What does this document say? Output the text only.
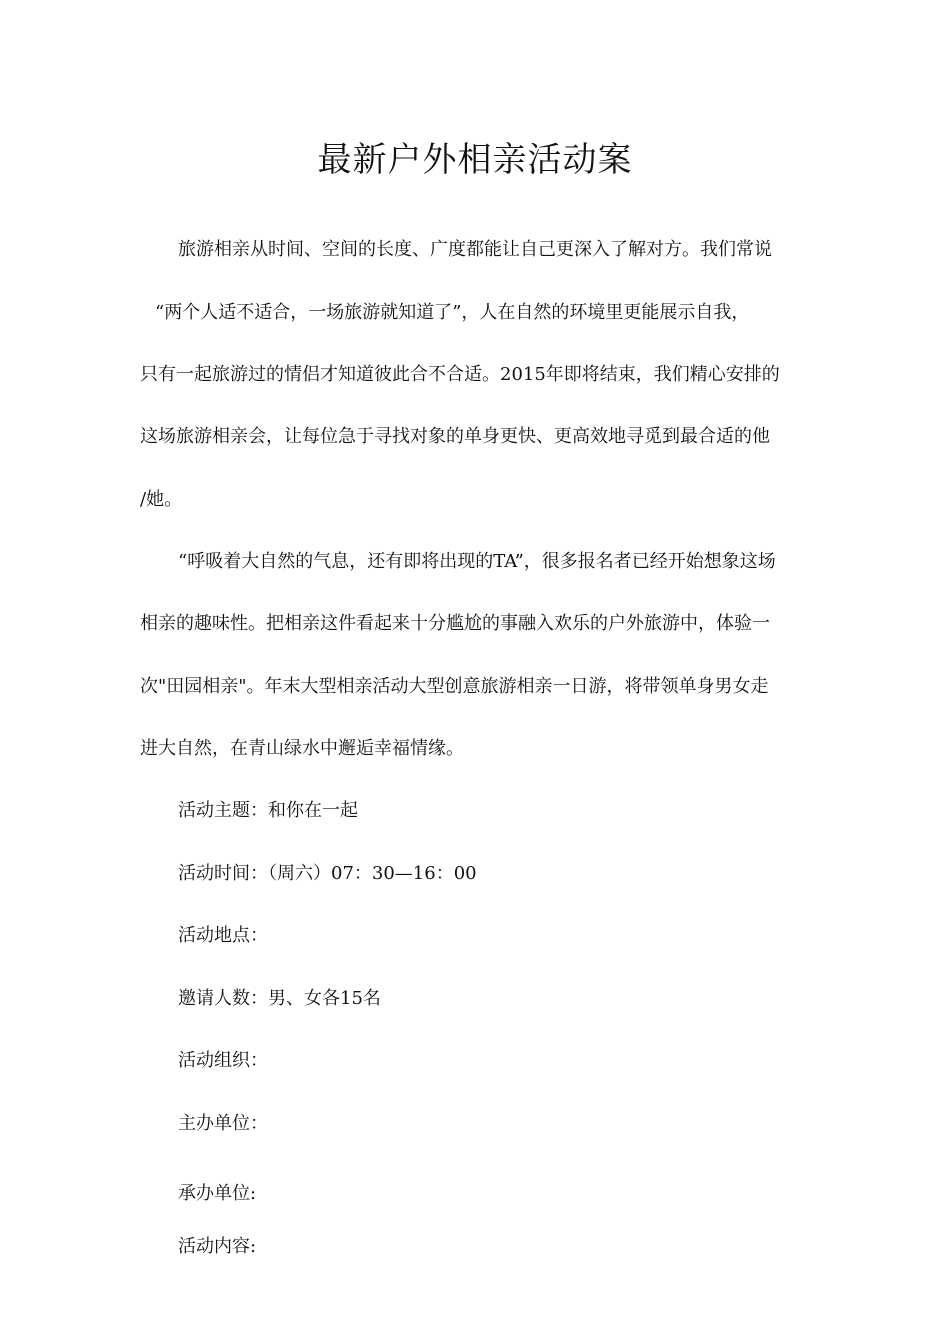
最新户外相亲活动案

旅游相亲从时间、空间的长度、广度都能让自己更深入了解对方。我们常说

“两个人适不适合，一场旅游就知道了”，人在自然的环境里更能展示自我，

只有一起旅游过的情侣才知道彼此合不合适。2015年即将结束，我们精心安排的

这场旅游相亲会，让每位急于寻找对象的单身更快、更高效地寻觅到最合适的他

/她。

“呼吸着大自然的气息，还有即将出现的TA”，很多报名者已经开始想象这场

相亲的趣味性。把相亲这件看起来十分尴尬的事融入欢乐的户外旅游中，体验一

次"田园相亲"。年末大型相亲活动大型创意旅游相亲一日游，将带领单身男女走

进大自然，在青山绿水中邂逅幸福情缘。

活动主题：和你在一起
活动时间：（周六）07：30—16：00
活动地点：
邀请人数：男、女各15名
活动组织：
主办单位：
承办单位:
活动内容:
